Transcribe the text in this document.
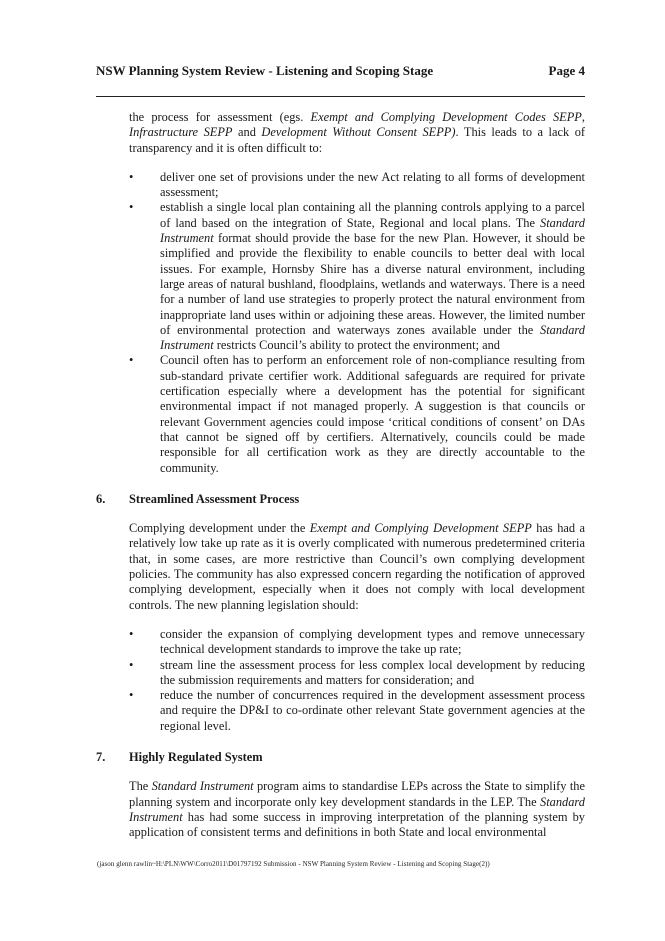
NSW Planning System Review - Listening and Scoping Stage	Page 4

the process for assessment (egs. Exempt and Complying Development Codes SEPP, Infrastructure SEPP and Development Without Consent SEPP). This leads to a lack of transparency and it is often difficult to:

• deliver one set of provisions under the new Act relating to all forms of development assessment;
• establish a single local plan containing all the planning controls applying to a parcel of land based on the integration of State, Regional and local plans. The Standard Instrument format should provide the base for the new Plan. However, it should be simplified and provide the flexibility to enable councils to better deal with local issues. For example, Hornsby Shire has a diverse natural environment, including large areas of natural bushland, floodplains, wetlands and waterways. There is a need for a number of land use strategies to properly protect the natural environment from inappropriate land uses within or adjoining these areas. However, the limited number of environmental protection and waterways zones available under the Standard Instrument restricts Council’s ability to protect the environment; and
• Council often has to perform an enforcement role of non-compliance resulting from sub-standard private certifier work. Additional safeguards are required for private certification especially where a development has the potential for significant environmental impact if not managed properly. A suggestion is that councils or relevant Government agencies could impose ‘critical conditions of consent’ on DAs that cannot be signed off by certifiers. Alternatively, councils could be made responsible for all certification work as they are directly accountable to the community.
6.	Streamlined Assessment Process

Complying development under the Exempt and Complying Development SEPP has had a relatively low take up rate as it is overly complicated with numerous predetermined criteria that, in some cases, are more restrictive than Council’s own complying development policies. The community has also expressed concern regarding the notification of approved complying development, especially when it does not comply with local development controls. The new planning legislation should:

• consider the expansion of complying development types and remove unnecessary technical development standards to improve the take up rate;
• stream line the assessment process for less complex local development by reducing the submission requirements and matters for consideration; and
• reduce the number of concurrences required in the development assessment process and require the DP&I to co-ordinate other relevant State government agencies at the regional level.
7.	Highly Regulated System

The Standard Instrument program aims to standardise LEPs across the State to simplify the planning system and incorporate only key development standards in the LEP. The Standard Instrument has had some success in improving interpretation of the planning system by application of consistent terms and definitions in both State and local environmental

(jason glenn rawlin~H:\PLN\WW\Corro2011\D01797192 Submission - NSW Planning System Review - Listening and Scoping Stage(2))
